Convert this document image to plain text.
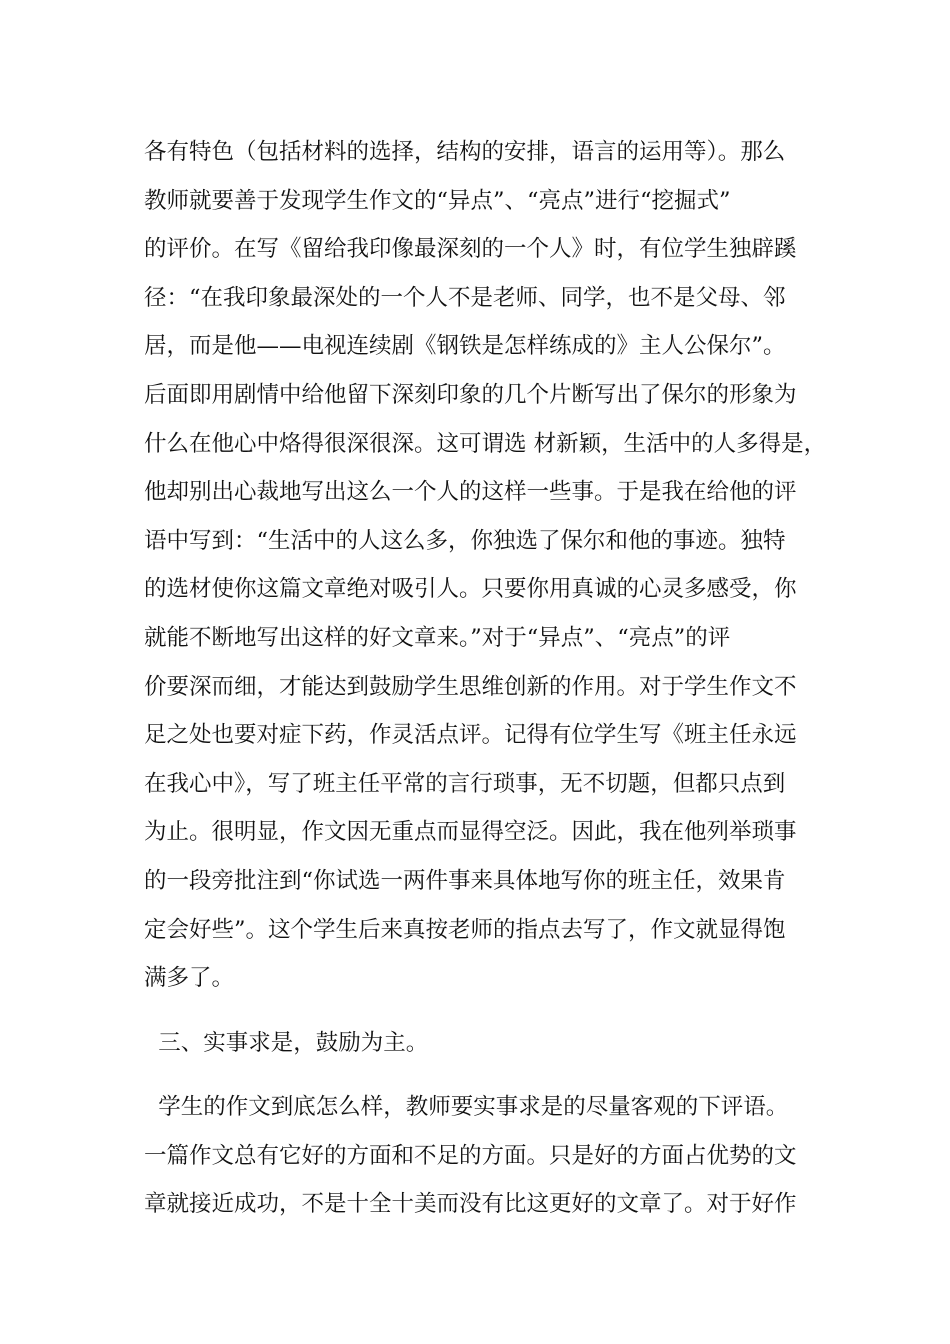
各有特色（包括材料的选择，结构的安排，语言的运用等）。那么
教师就要善于发现学生作文的“异点”、“亮点”进行“挖掘式”
的评价。在写《留给我印像最深刻的一个人》时，有位学生独辟蹊
径：“在我印象最深处的一个人不是老师、同学，也不是父母、邻
居，而是他——电视连续剧《钢铁是怎样练成的》主人公保尔”。
后面即用剧情中给他留下深刻印象的几个片断写出了保尔的形象为
什么在他心中烙得很深很深。这可谓选 材新颖，生活中的人多得是，
他却别出心裁地写出这么一个人的这样一些事。于是我在给他的评
语中写到：“生活中的人这么多，你独选了保尔和他的事迹。独特
的选材使你这篇文章绝对吸引人。只要你用真诚的心灵多感受，你
就能不断地写出这样的好文章来。”对于“异点”、“亮点”的评
价要深而细，才能达到鼓励学生思维创新的作用。对于学生作文不
足之处也要对症下药，作灵活点评。记得有位学生写《班主任永远
在我心中》，写了班主任平常的言行琐事，无不切题，但都只点到
为止。很明显，作文因无重点而显得空泛。因此，我在他列举琐事
的一段旁批注到“你试选一两件事来具体地写你的班主任，效果肯
定会好些”。这个学生后来真按老师的指点去写了，作文就显得饱
满多了。
三、实事求是，鼓励为主。
学生的作文到底怎么样，教师要实事求是的尽量客观的下评语。
一篇作文总有它好的方面和不足的方面。只是好的方面占优势的文
章就接近成功，不是十全十美而没有比这更好的文章了。对于好作
